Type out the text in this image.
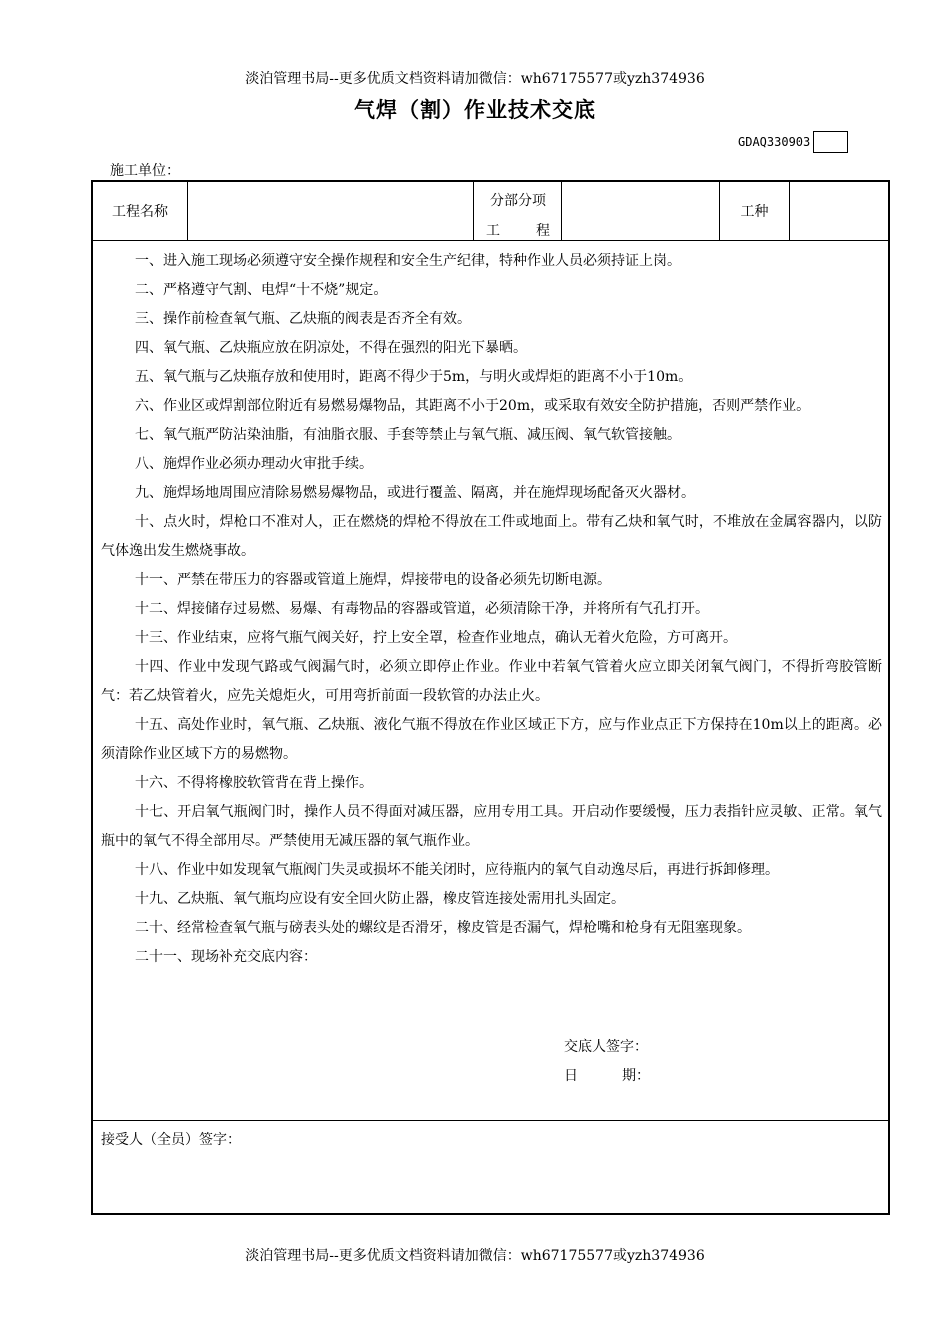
淡泊管理书局--更多优质文档资料请加微信：wh67175577或yzh374936
气焊（割）作业技术交底
GDAQ330903
施工单位：
工程名称
分部分项
工	程
工种

一、进入施工现场必须遵守安全操作规程和安全生产纪律，特种作业人员必须持证上岗。

二、严格遵守气割、电焊“十不烧”规定。

三、操作前检查氧气瓶、乙炔瓶的阀表是否齐全有效。

四、氧气瓶、乙炔瓶应放在阴凉处，不得在强烈的阳光下暴晒。

五、氧气瓶与乙炔瓶存放和使用时，距离不得少于5m，与明火或焊炬的距离不小于10m。

六、作业区或焊割部位附近有易燃易爆物品，其距离不小于20m，或采取有效安全防护措施，否则严禁作业。

七、氧气瓶严防沾染油脂，有油脂衣服、手套等禁止与氧气瓶、减压阀、氧气软管接触。

八、施焊作业必须办理动火审批手续。

九、施焊场地周围应清除易燃易爆物品，或进行覆盖、隔离，并在施焊现场配备灭火器材。

十、点火时，焊枪口不准对人，正在燃烧的焊枪不得放在工件或地面上。带有乙炔和氧气时，不堆放在金属容器内，以防气体逸出发生燃烧事故。

十一、严禁在带压力的容器或管道上施焊，焊接带电的设备必须先切断电源。

十二、焊接储存过易燃、易爆、有毒物品的容器或管道，必须清除干净，并将所有气孔打开。

十三、作业结束，应将气瓶气阀关好，拧上安全罩，检查作业地点，确认无着火危险，方可离开。

十四、作业中发现气路或气阀漏气时，必须立即停止作业。作业中若氧气管着火应立即关闭氧气阀门，不得折弯胶管断气：若乙炔管着火，应先关熄炬火，可用弯折前面一段软管的办法止火。

十五、高处作业时，氧气瓶、乙炔瓶、液化气瓶不得放在作业区域正下方，应与作业点正下方保持在10m以上的距离。必须清除作业区域下方的易燃物。

十六、不得将橡胶软管背在背上操作。

十七、开启氧气瓶阀门时，操作人员不得面对减压器，应用专用工具。开启动作要缓慢，压力表指针应灵敏、正常。氧气瓶中的氧气不得全部用尽。严禁使用无减压器的氧气瓶作业。

十八、作业中如发现氧气瓶阀门失灵或损坏不能关闭时，应待瓶内的氧气自动逸尽后，再进行拆卸修理。

十九、乙炔瓶、氧气瓶均应设有安全回火防止器，橡皮管连接处需用扎头固定。

二十、经常检查氧气瓶与磅表头处的螺纹是否滑牙，橡皮管是否漏气，焊枪嘴和枪身有无阻塞现象。

二十一、现场补充交底内容：

交底人签字：
日	期：
接受人（全员）签字：
淡泊管理书局--更多优质文档资料请加微信：wh67175577或yzh374936
